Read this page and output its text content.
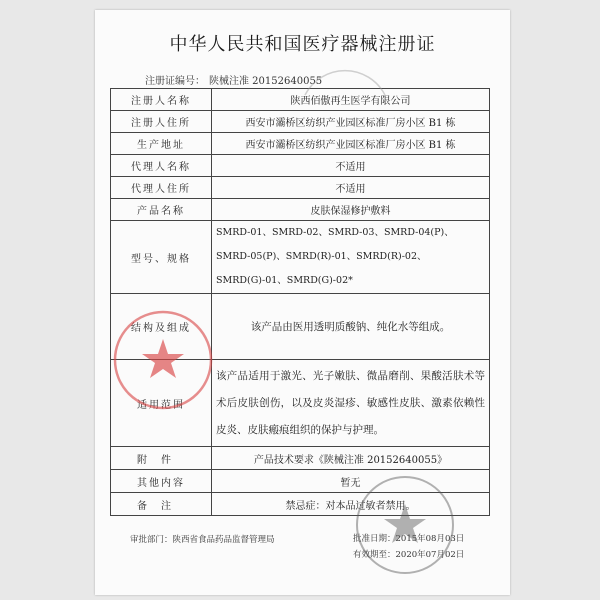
中华人民共和国医疗器械注册证
注册证编号： 陕械注准 20152640055
注册人名称	陕西佰傲再生医学有限公司
注册人住所	西安市灞桥区纺织产业园区标准厂房小区 B1 栋
生产地址	西安市灞桥区纺织产业园区标准厂房小区 B1 栋
代理人名称	不适用
代理人住所	不适用
产品名称	皮肤保湿修护敷料
型号、规格	SMRD-01、SMRD-02、SMRD-03、SMRD-04(P)、SMRD-05(P)、SMRD(R)-01、SMRD(R)-02、SMRD(G)-01、SMRD(G)-02*

结构及组成	该产品由医用透明质酸钠、纯化水等组成。
适用范围	该产品适用于激光、光子嫩肤、微晶磨削、果酸活肤术等术后皮肤创伤，以及皮炎湿疹、敏感性皮肤、激素依赖性皮炎、皮肤瘢痕组织的保护与护理。

附件	产品技术要求《陕械注准 20152640055》
其他内容	暂无
备注	禁忌症：对本品过敏者禁用。
审批部门：陕西省食品药品监督管理局	批准日期：2015年08月03日
有效期至：2020年07月02日
